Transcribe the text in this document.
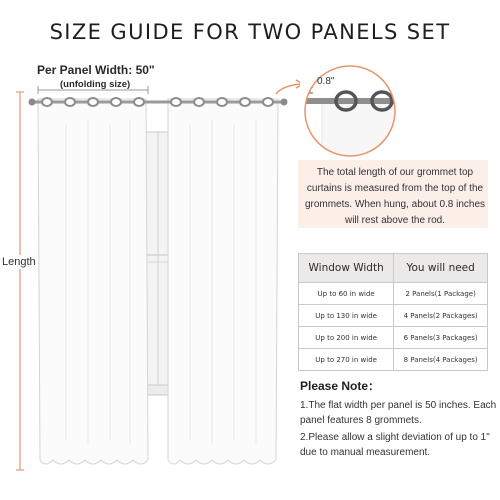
SIZE GUIDE FOR TWO PANELS SET
Per Panel Width: 50"
(unfolding size)
Length
0.8"

The total length of our grommet top curtains is measured from the top of the grommets. When hung, about 0.8 inches will rest above the rod.

Window Width	You will need
Up to 60 in wide	2 Panels(1 Package)
Up to 130 in wide	4 Panels(2 Packages)
Up to 200 in wide	6 Panels(3 Packages)
Up to 270 in wide	8 Panels(4 Packages)
Please Note：
1.The flat width per panel is 50 inches. Each panel features 8 grommets.
2.Please allow a slight deviation of up to 1" due to manual measurement.
